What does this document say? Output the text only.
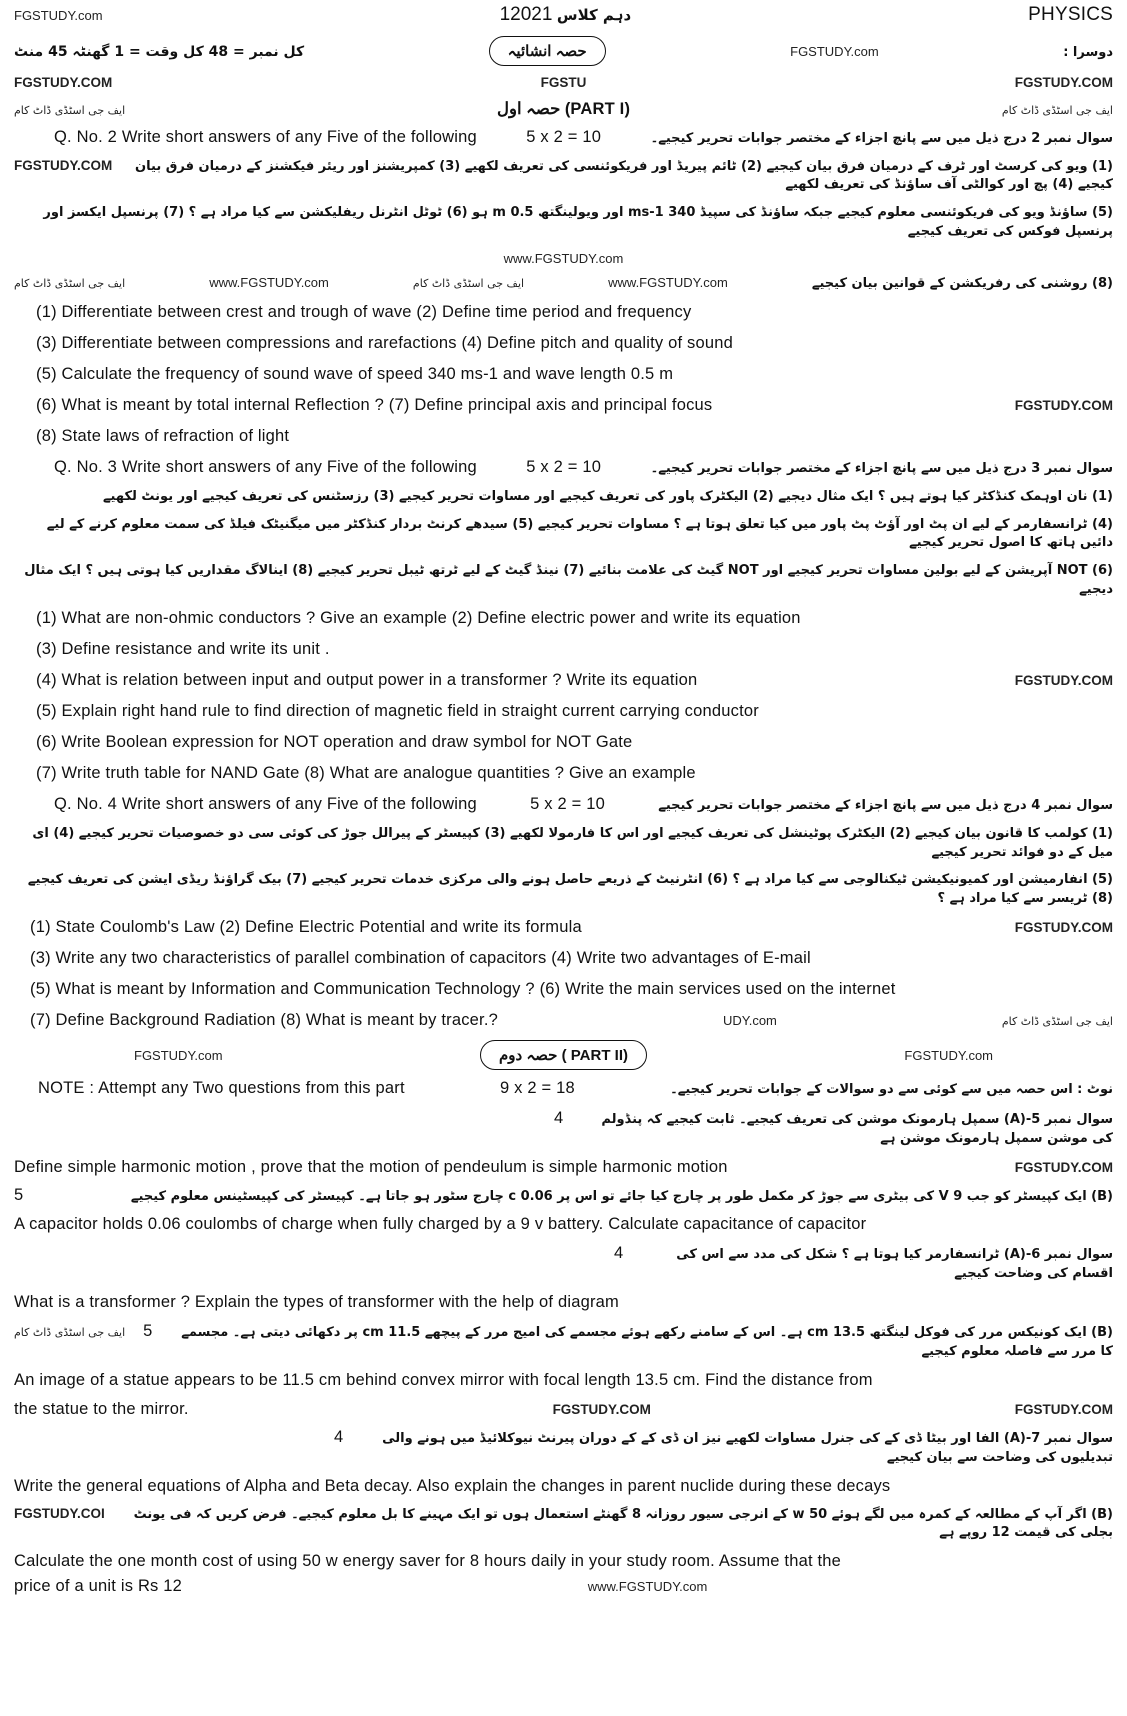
FGSTUDY.com	12021 دہم کلاس	PHYSICS
کل نمبر = 48 کل وقت = 1 گھنٹہ 45 منٹ	حصہ انشائیہ	FGSTUDY.com	دوسرا :
FGSTUDY.COM	FGSTU	FGSTUDY.COM
ایف جی اسٹڈی ڈاٹ کام	حصہ اول (PART I)	ایف جی اسٹڈی ڈاٹ کام
Q. No. 2 Write short answers of any Five of the following	5 x 2 = 10	سوال نمبر 2 درج ذیل میں سے پانچ اجزاء کے مختصر جوابات تحریر کیجیے۔
FGSTUDY.COM	(1) ویو کی کرسٹ اور ٹرف کے درمیان فرق بیان کیجیے (2) ٹائم پیریڈ اور فریکوئنسی کی تعریف لکھیے (3) کمپریشنز اور ریئر فیکشنز کے درمیان فرق بیان کیجیے (4) پچ اور کوالٹی آف ساؤنڈ کی تعریف لکھیے
(5) ساؤنڈ ویو کی فریکوئنسی معلوم کیجیے جبکہ ساؤنڈ کی سپیڈ 340 ms-1 اور ویولینگتھ 0.5 m ہو (6) ٹوٹل انٹرنل ریفلیکشن سے کیا مراد ہے ؟ (7) پرنسپل ایکسز اور پرنسپل فوکس کی تعریف کیجیے
www.FGSTUDY.com
ایف جی اسٹڈی ڈاٹ کام	www.FGSTUDY.com	ایف جی اسٹڈی ڈاٹ کام	www.FGSTUDY.com	(8) روشنی کی رفریکشن کے قوانین بیان کیجیے
(1) Differentiate between crest and trough of wave (2) Define time period and frequency
(3) Differentiate between compressions and rarefactions (4) Define pitch and quality of sound
(5) Calculate the frequency of sound wave of speed 340 ms-1 and wave length 0.5 m
(6) What is meant by total internal Reflection ? (7) Define principal axis and principal focus	FGSTUDY.COM
(8) State laws of refraction of light
Q. No. 3 Write short answers of any Five of the following	5 x 2 = 10	سوال نمبر 3 درج ذیل میں سے پانچ اجزاء کے مختصر جوابات تحریر کیجیے۔
(1) نان اوہمک کنڈکٹر کیا ہوتے ہیں ؟ ایک مثال دیجیے (2) الیکٹرک پاور کی تعریف کیجیے اور مساوات تحریر کیجیے (3) رزسٹنس کی تعریف کیجیے اور یونٹ لکھیے
(4) ٹرانسفارمر کے لیے ان پٹ اور آؤٹ پٹ پاور میں کیا تعلق ہوتا ہے ؟ مساوات تحریر کیجیے (5) سیدھے کرنٹ بردار کنڈکٹر میں میگنیٹک فیلڈ کی سمت معلوم کرنے کے لیے دائیں ہاتھ کا اصول تحریر کیجیے
(6) NOT آپریشن کے لیے بولین مساوات تحریر کیجیے اور NOT گیٹ کی علامت بنائیے (7) نینڈ گیٹ کے لیے ٹرتھ ٹیبل تحریر کیجیے (8) اینالاگ مقداریں کیا ہوتی ہیں ؟ ایک مثال دیجیے
(1) What are non-ohmic conductors ? Give an example (2) Define electric power and write its equation
(3) Define resistance and write its unit .
(4) What is relation between input and output power in a transformer ? Write its equation	FGSTUDY.COM
(5) Explain right hand rule to find direction of magnetic field in straight current carrying conductor
(6) Write Boolean expression for NOT operation and draw symbol for NOT Gate
(7) Write truth table for NAND Gate (8) What are analogue quantities ? Give an example
Q. No. 4 Write short answers of any Five of the following	5 x 2 = 10	سوال نمبر 4 درج ذیل میں سے پانچ اجزاء کے مختصر جوابات تحریر کیجیے
(1) کولمب کا قانون بیان کیجیے (2) الیکٹرک پوٹینشل کی تعریف کیجیے اور اس کا فارمولا لکھیے (3) کپیسٹر کے پیرالل جوڑ کی کوئی سی دو خصوصیات تحریر کیجیے (4) ای میل کے دو فوائد تحریر کیجیے
(5) انفارمیشن اور کمیونیکیشن ٹیکنالوجی سے کیا مراد ہے ؟ (6) انٹرنیٹ کے ذریعے حاصل ہونے والی مرکزی خدمات تحریر کیجیے (7) بیک گراؤنڈ ریڈی ایشن کی تعریف کیجیے (8) ٹریسر سے کیا مراد ہے ؟
(1) State Coulomb's Law (2) Define Electric Potential and write its formula	FGSTUDY.COM
(3) Write any two characteristics of parallel combination of capacitors (4) Write two advantages of E-mail
(5) What is meant by Information and Communication Technology ? (6) Write the main services used on the internet
(7) Define Background Radiation (8) What is meant by tracer.?	UDY.com	ایف جی اسٹڈی ڈاٹ کام
FGSTUDY.com	حصہ دوم ( PART II)	FGSTUDY.com
NOTE : Attempt any Two questions from this part	9 x 2 = 18	نوٹ : اس حصہ میں سے کوئی سے دو سوالات کے جوابات تحریر کیجیے۔
4	سوال نمبر 5-(A) سمپل ہارمونک موشن کی تعریف کیجیے۔ ثابت کیجیے کہ پنڈولم کی موشن سمپل ہارمونک موشن ہے
Define simple harmonic motion , prove that the motion of pendeulum is simple harmonic motion	FGSTUDY.COM
5	(B) ایک کپیسٹر کو جب 9 V کی بیٹری سے جوڑ کر مکمل طور پر چارج کیا جائے تو اس پر 0.06 c چارج سٹور ہو جاتا ہے۔ کپیسٹر کی کپیسٹینس معلوم کیجیے
A capacitor holds 0.06 coulombs of charge when fully charged by a 9 v battery. Calculate capacitance of capacitor
4	سوال نمبر 6-(A) ٹرانسفارمر کیا ہوتا ہے ؟ شکل کی مدد سے اس کی اقسام کی وضاحت کیجیے
What is a transformer ? Explain the types of transformer with the help of diagram
ایف جی اسٹڈی ڈاٹ کام 5	(B) ایک کونیکس مرر کی فوکل لینگتھ 13.5 cm ہے۔ اس کے سامنے رکھے ہوئے مجسمے کی امیج مرر کے پیچھے 11.5 cm پر دکھائی دیتی ہے۔ مجسمے کا مرر سے فاصلہ معلوم کیجیے
An image of a statue appears to be 11.5 cm behind convex mirror with focal length 13.5 cm. Find the distance from
the statue to the mirror.	FGSTUDY.COM	FGSTUDY.COM
4	سوال نمبر 7-(A) الفا اور بیٹا ڈی کے کی جنرل مساوات لکھیے نیز ان ڈی کے کے دوران پیرنٹ نیوکلائیڈ میں ہونے والی تبدیلیوں کی وضاحت سے بیان کیجیے
Write the general equations of Alpha and Beta decay. Also explain the changes in parent nuclide during these decays
FGSTUDY.COI	(B) اگر آپ کے مطالعہ کے کمرہ میں لگے ہوئے 50 w کے انرجی سیور روزانہ 8 گھنٹے استعمال ہوں تو ایک مہینے کا بل معلوم کیجیے۔ فرض کریں کہ فی یونٹ بجلی کی قیمت 12 روپے ہے
Calculate the one month cost of using 50 w energy saver for 8 hours daily in your study room. Assume that the
price of a unit is Rs 12	www.FGSTUDY.com
